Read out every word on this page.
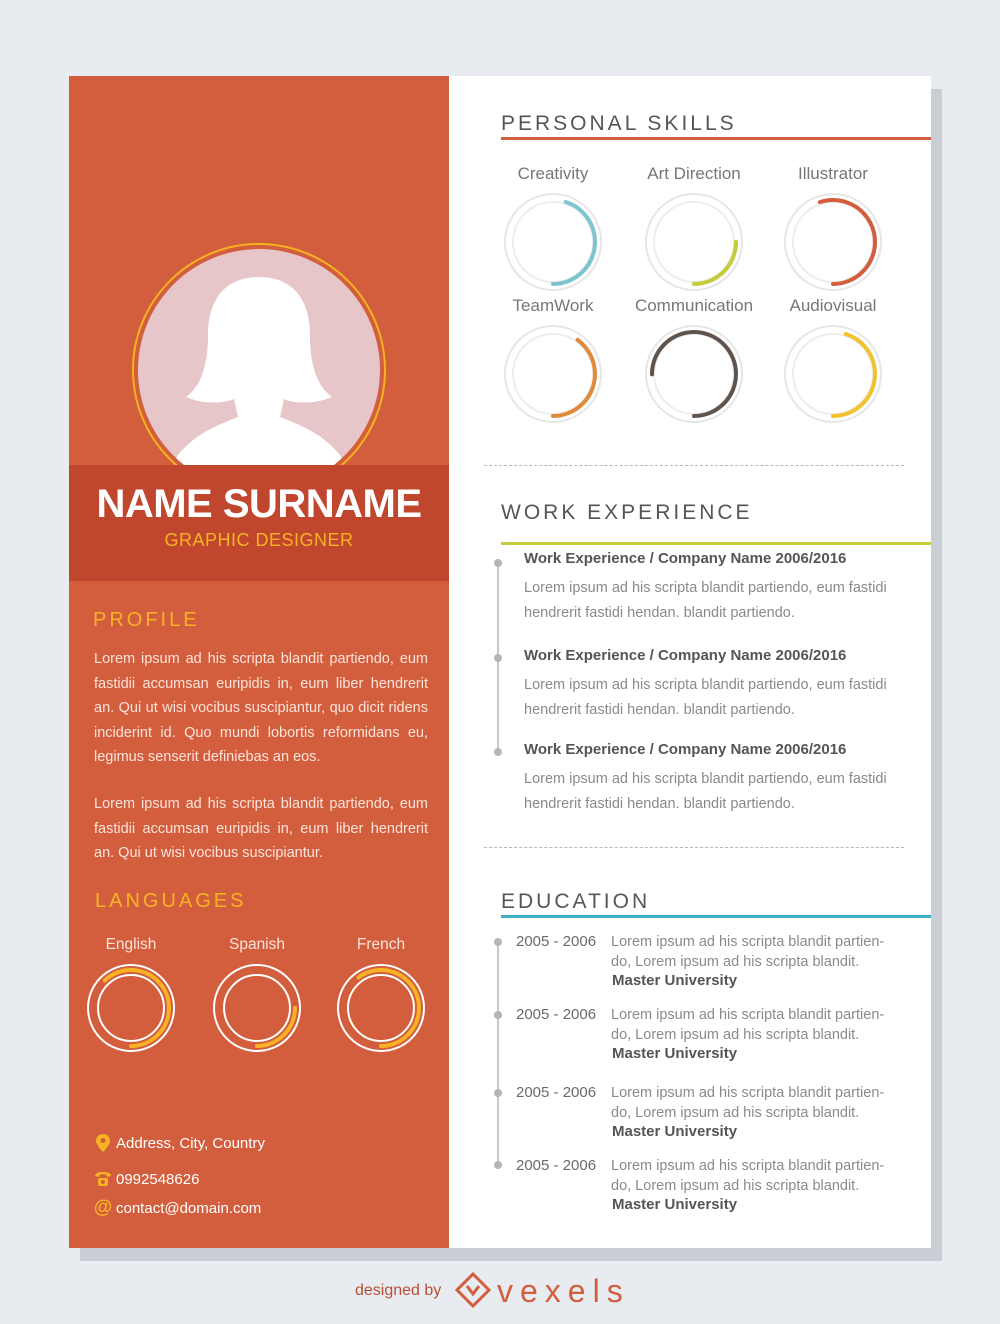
NAME SURNAME
GRAPHIC DESIGNER
PROFILE
Lorem ipsum ad his scripta blandit partiendo, eum fastidii accumsan euripidis in, eum liber hendrerit an. Qui ut wisi vocibus suscipiantur, quo dicit ridens inciderint id. Quo mundi lobortis reformidans eu, legimus senserit definiebas an eos.
Lorem ipsum ad his scripta blandit partiendo, eum fastidii accumsan euripidis in, eum liber hendrerit an. Qui ut wisi vocibus suscipiantur.
LANGUAGES
English	Spanish	French
Address, City, Country
0992548626
@ contact@domain.com
PERSONAL SKILLS
Creativity	Art Direction	Illustrator
TeamWork	Communication	Audiovisual
WORK EXPERIENCE
Work Experience / Company Name 2006/2016
Lorem ipsum ad his scripta blandit partiendo, eum fastidi
hendrerit fastidi hendan. blandit partiendo.
Work Experience / Company Name 2006/2016
Lorem ipsum ad his scripta blandit partiendo, eum fastidi
hendrerit fastidi hendan. blandit partiendo.
Work Experience / Company Name 2006/2016
Lorem ipsum ad his scripta blandit partiendo, eum fastidi
hendrerit fastidi hendan. blandit partiendo.
EDUCATION
2005 - 2006 Lorem ipsum ad his scripta blandit partien-
do, Lorem ipsum ad his scripta blandit.
Master University
2005 - 2006 Lorem ipsum ad his scripta blandit partien-
do, Lorem ipsum ad his scripta blandit.
Master University
2005 - 2006 Lorem ipsum ad his scripta blandit partien-
do, Lorem ipsum ad his scripta blandit.
Master University
2005 - 2006 Lorem ipsum ad his scripta blandit partien-
do, Lorem ipsum ad his scripta blandit.
Master University
designed by vexels
